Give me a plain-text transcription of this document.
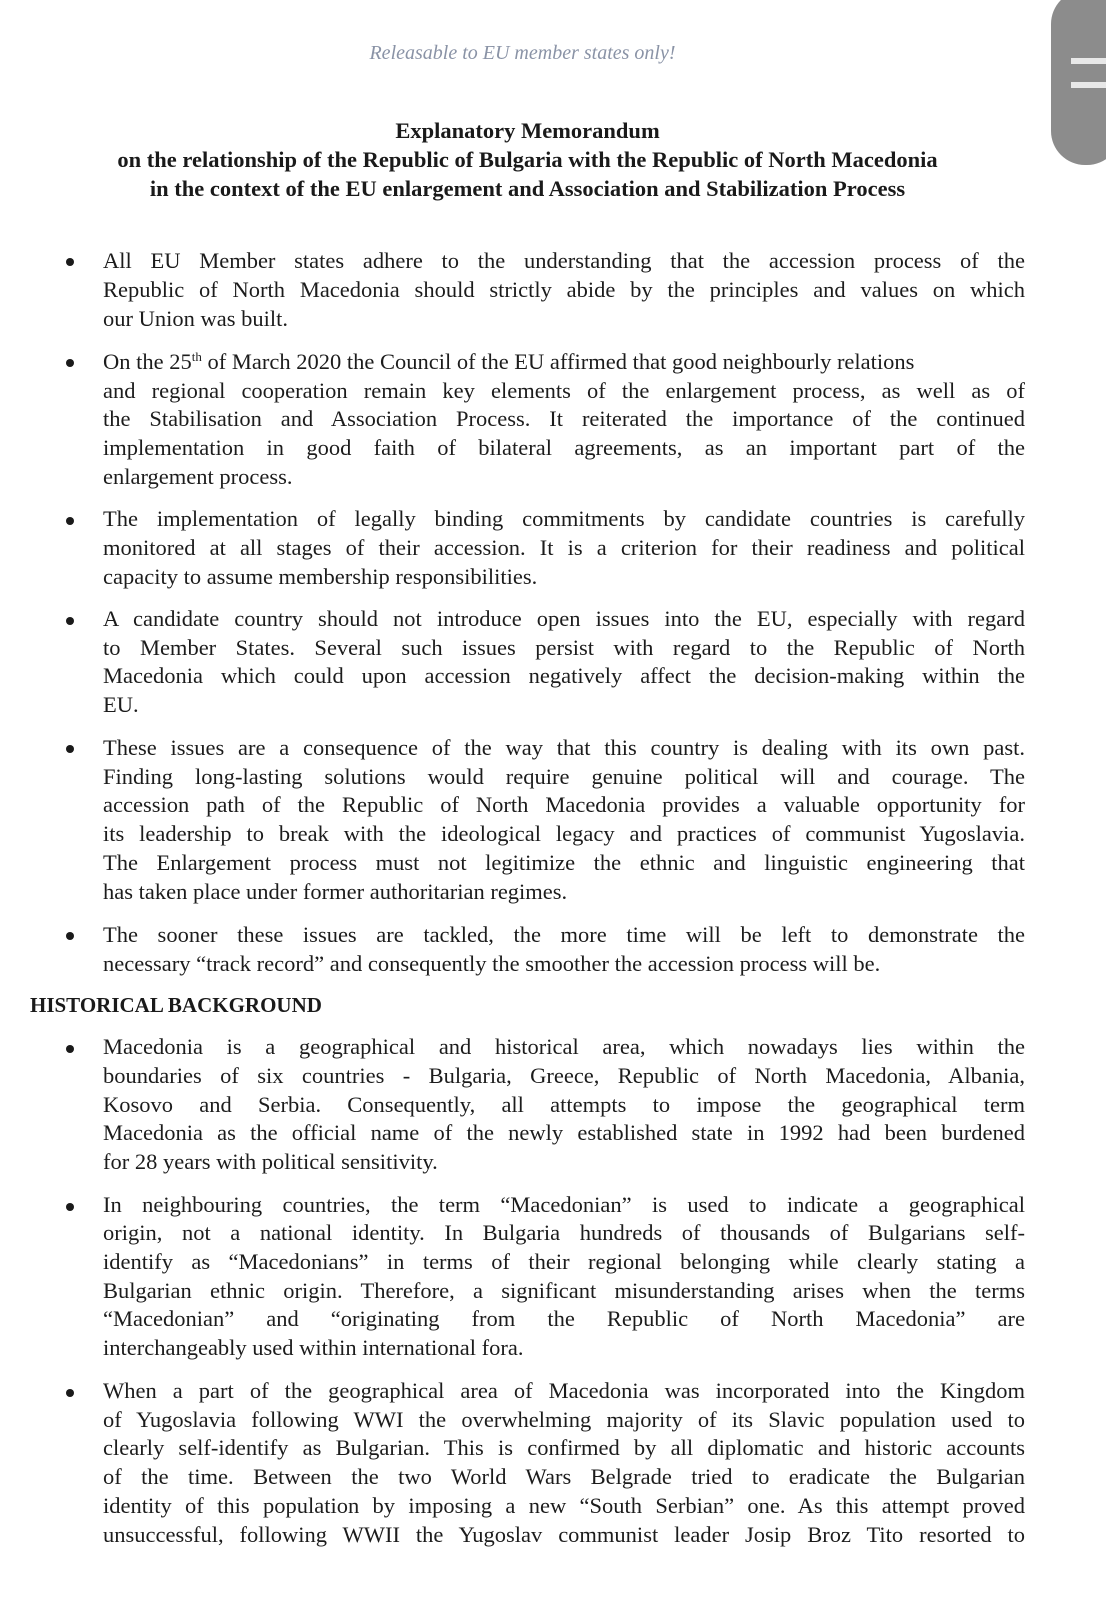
Releasable to EU member states only!
Explanatory Memorandum
on the relationship of the Republic of Bulgaria with the Republic of North Macedonia
in the context of the EU enlargement and Association and Stabilization Process
All EU Member states adhere to the understanding that the accession process of the
Republic of North Macedonia should strictly abide by the principles and values on which
our Union was built.
On the 25th of March 2020 the Council of the EU affirmed that good neighbourly relations
and regional cooperation remain key elements of the enlargement process, as well as of
the Stabilisation and Association Process. It reiterated the importance of the continued
implementation in good faith of bilateral agreements, as an important part of the
enlargement process.
The implementation of legally binding commitments by candidate countries is carefully
monitored at all stages of their accession. It is a criterion for their readiness and political
capacity to assume membership responsibilities.
A candidate country should not introduce open issues into the EU, especially with regard
to Member States. Several such issues persist with regard to the Republic of North
Macedonia which could upon accession negatively affect the decision-making within the
EU.
These issues are a consequence of the way that this country is dealing with its own past.
Finding long-lasting solutions would require genuine political will and courage. The
accession path of the Republic of North Macedonia provides a valuable opportunity for
its leadership to break with the ideological legacy and practices of communist Yugoslavia.
The Enlargement process must not legitimize the ethnic and linguistic engineering that
has taken place under former authoritarian regimes.
The sooner these issues are tackled, the more time will be left to demonstrate the
necessary “track record” and consequently the smoother the accession process will be.
HISTORICAL BACKGROUND
Macedonia is a geographical and historical area, which nowadays lies within the
boundaries of six countries - Bulgaria, Greece, Republic of North Macedonia, Albania,
Kosovo and Serbia. Consequently, all attempts to impose the geographical term
Macedonia as the official name of the newly established state in 1992 had been burdened
for 28 years with political sensitivity.
In neighbouring countries, the term “Macedonian” is used to indicate a geographical
origin, not a national identity. In Bulgaria hundreds of thousands of Bulgarians self-
identify as “Macedonians” in terms of their regional belonging while clearly stating a
Bulgarian ethnic origin. Therefore, a significant misunderstanding arises when the terms
“Macedonian” and “originating from the Republic of North Macedonia” are
interchangeably used within international fora.
When a part of the geographical area of Macedonia was incorporated into the Kingdom
of Yugoslavia following WWI the overwhelming majority of its Slavic population used to
clearly self-identify as Bulgarian. This is confirmed by all diplomatic and historic accounts
of the time. Between the two World Wars Belgrade tried to eradicate the Bulgarian
identity of this population by imposing a new “South Serbian” one. As this attempt proved
unsuccessful, following WWII the Yugoslav communist leader Josip Broz Tito resorted to
